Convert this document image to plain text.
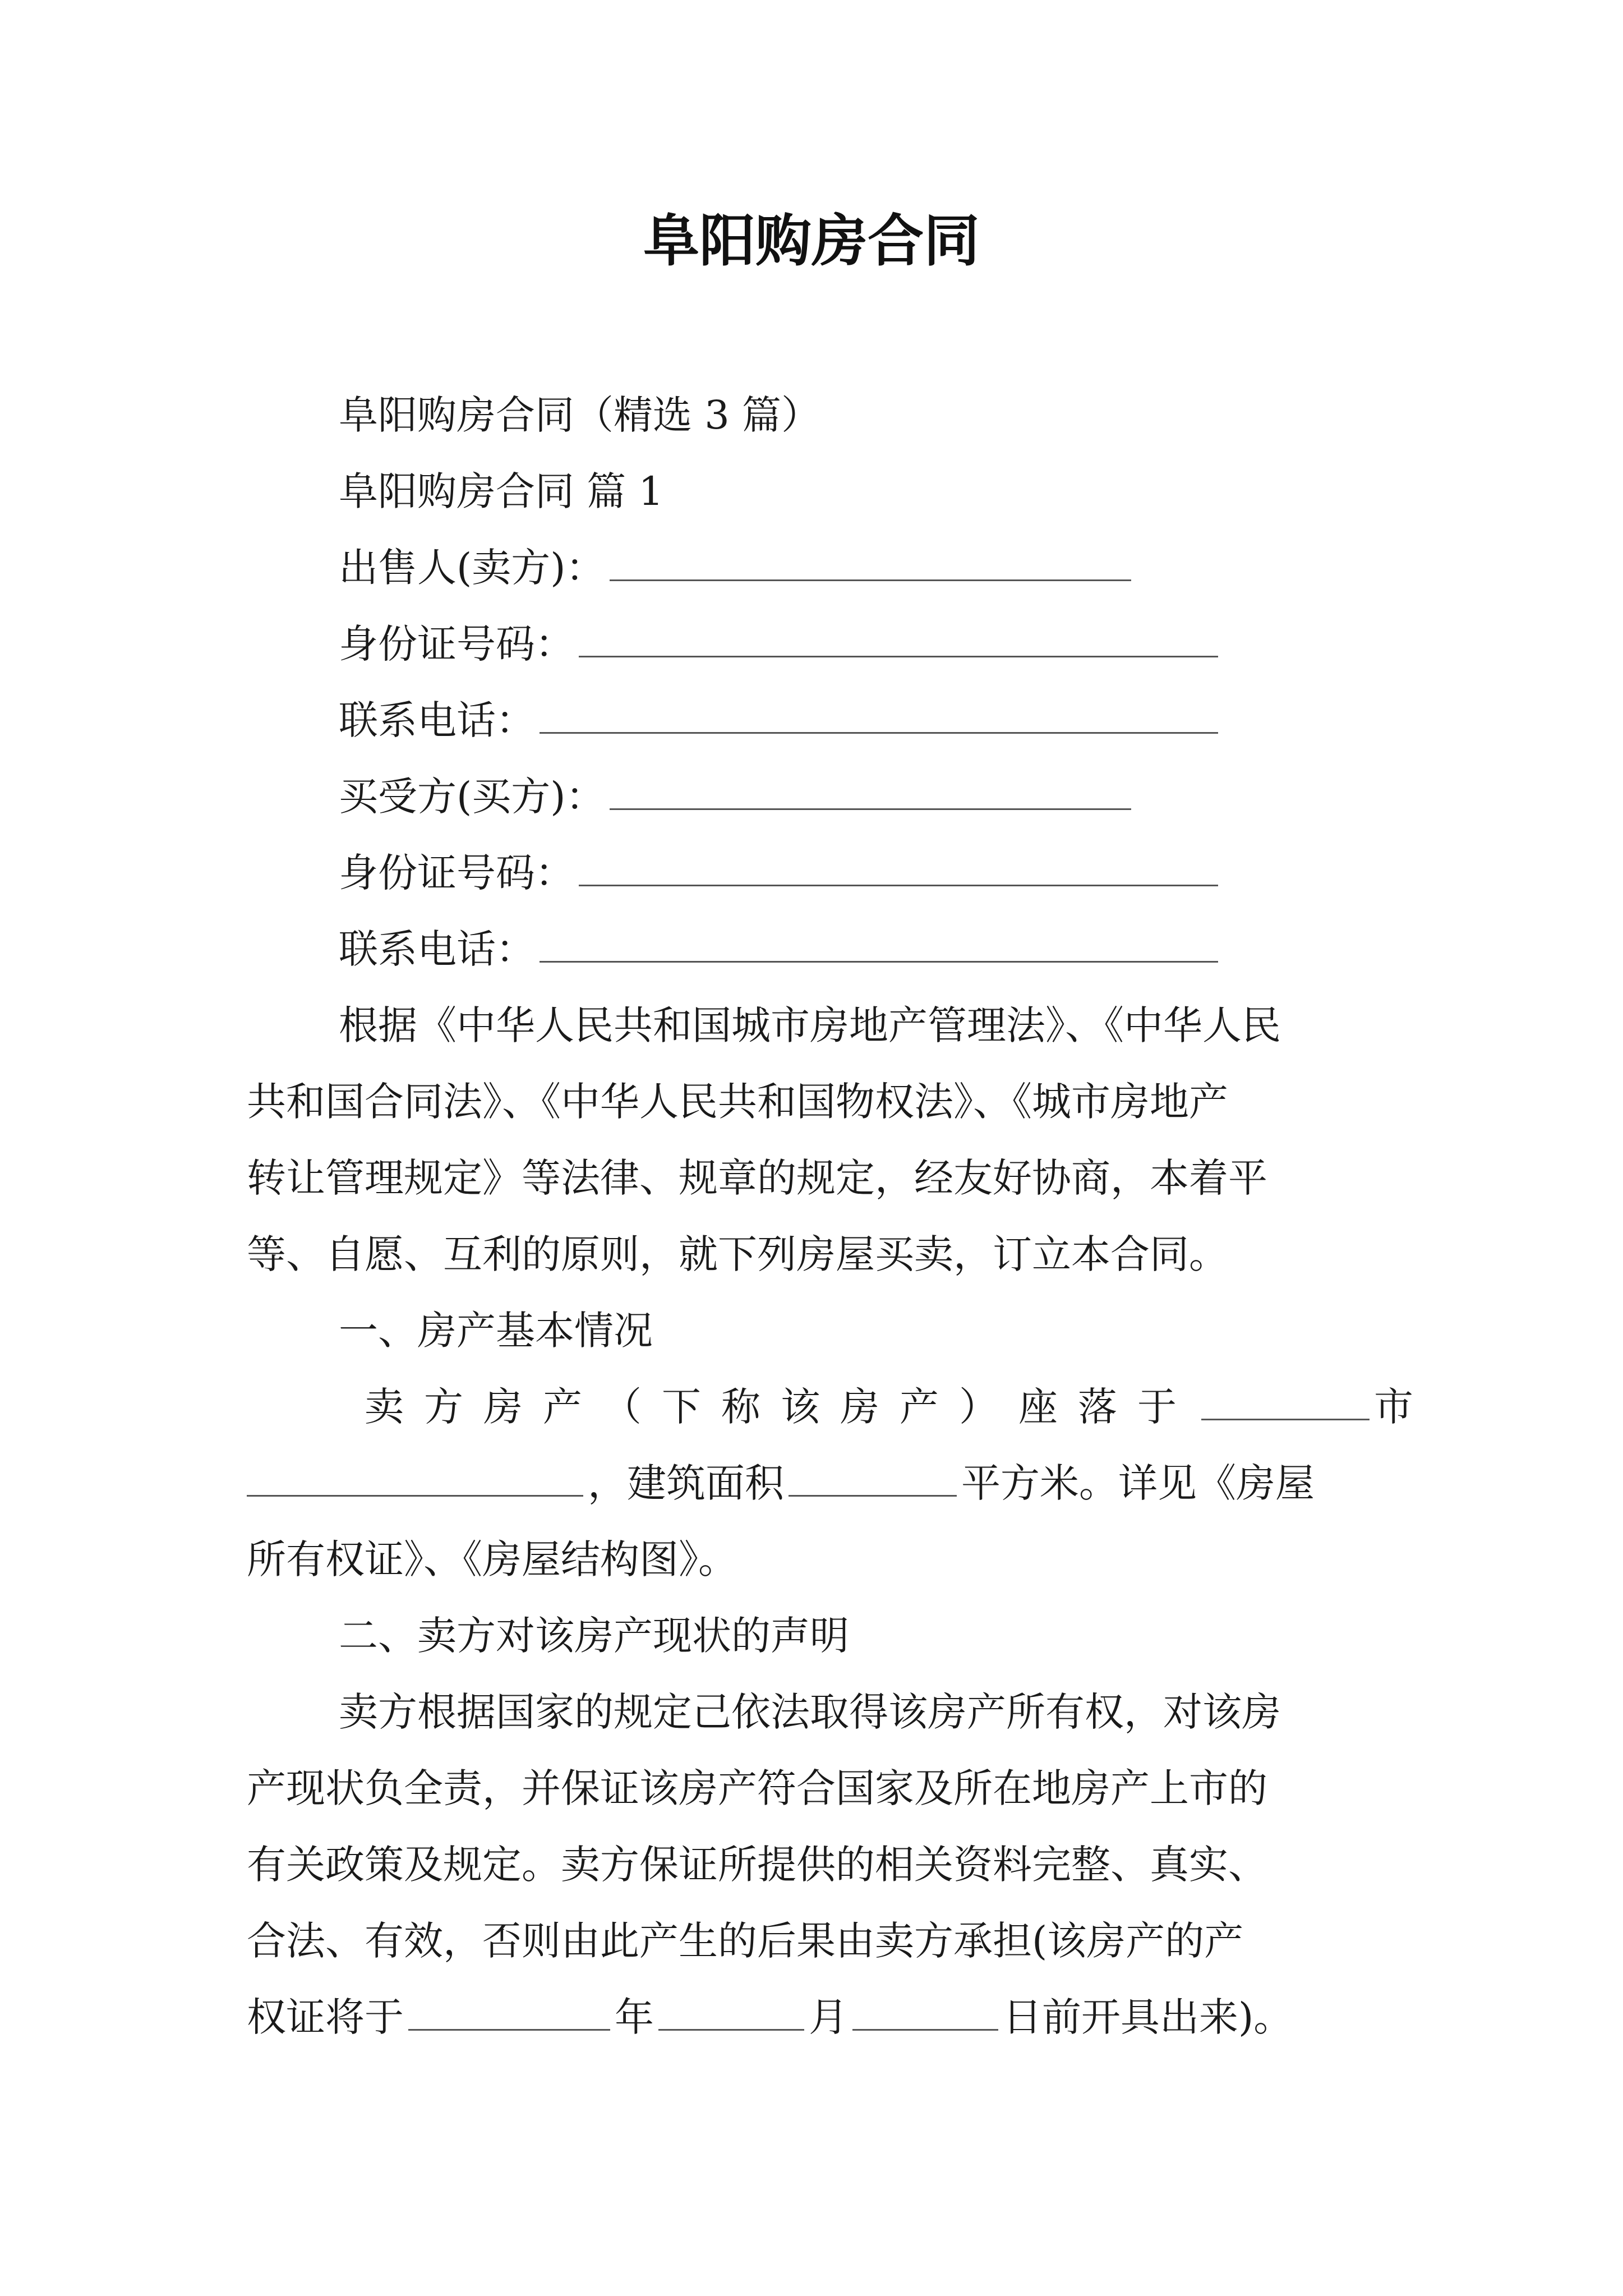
阜阳购房合同
阜阳购房合同（精选 3 篇）
阜阳购房合同 篇 1
出售人(卖方)：
身份证号码：
联系电话：
买受方(买方)：
身份证号码：
联系电话：
根据《中华人民共和国城市房地产管理法》、《中华人民
共和国合同法》、《中华人民共和国物权法》、《城市房地产
转让管理规定》等法律、规章的规定，经友好协商，本着平
等、自愿、互利的原则，就下列房屋买卖，订立本合同。
一、房产基本情况
卖方房产（下称该房产）座落于	市
，建筑面积	平方米。详见《房屋
所有权证》、《房屋结构图》。
二、卖方对该房产现状的声明
卖方根据国家的规定己依法取得该房产所有权，对该房
产现状负全责，并保证该房产符合国家及所在地房产上市的
有关政策及规定。卖方保证所提供的相关资料完整、真实、
合法、有效，否则由此产生的后果由卖方承担(该房产的产
权证将于	年	月	日前开具出来)。
